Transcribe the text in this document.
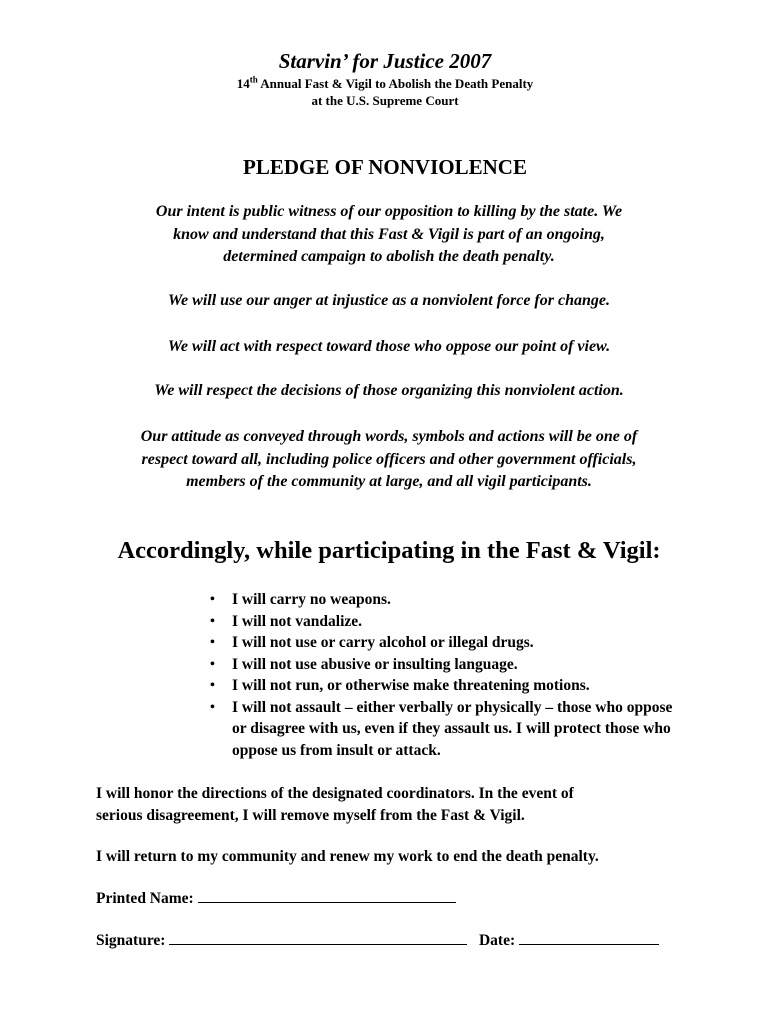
Starvin’ for Justice 2007
14th Annual Fast & Vigil to Abolish the Death Penalty
at the U.S. Supreme Court
PLEDGE OF NONVIOLENCE
Our intent is public witness of our opposition to killing by the state. We
know and understand that this Fast & Vigil is part of an ongoing,
determined campaign to abolish the death penalty.
We will use our anger at injustice as a nonviolent force for change.
We will act with respect toward those who oppose our point of view.
We will respect the decisions of those organizing this nonviolent action.
Our attitude as conveyed through words, symbols and actions will be one of
respect toward all, including police officers and other government officials,
members of the community at large, and all vigil participants.
Accordingly, while participating in the Fast & Vigil:
• I will carry no weapons.
• I will not vandalize.
• I will not use or carry alcohol or illegal drugs.
• I will not use abusive or insulting language.
• I will not run, or otherwise make threatening motions.
• I will not assault – either verbally or physically – those who oppose or disagree with us, even if they assault us. I will protect those who oppose us from insult or attack.
I will honor the directions of the designated coordinators. In the event of
serious disagreement, I will remove myself from the Fast & Vigil.
I will return to my community and renew my work to end the death penalty.
Printed Name:
Signature:	Date:
